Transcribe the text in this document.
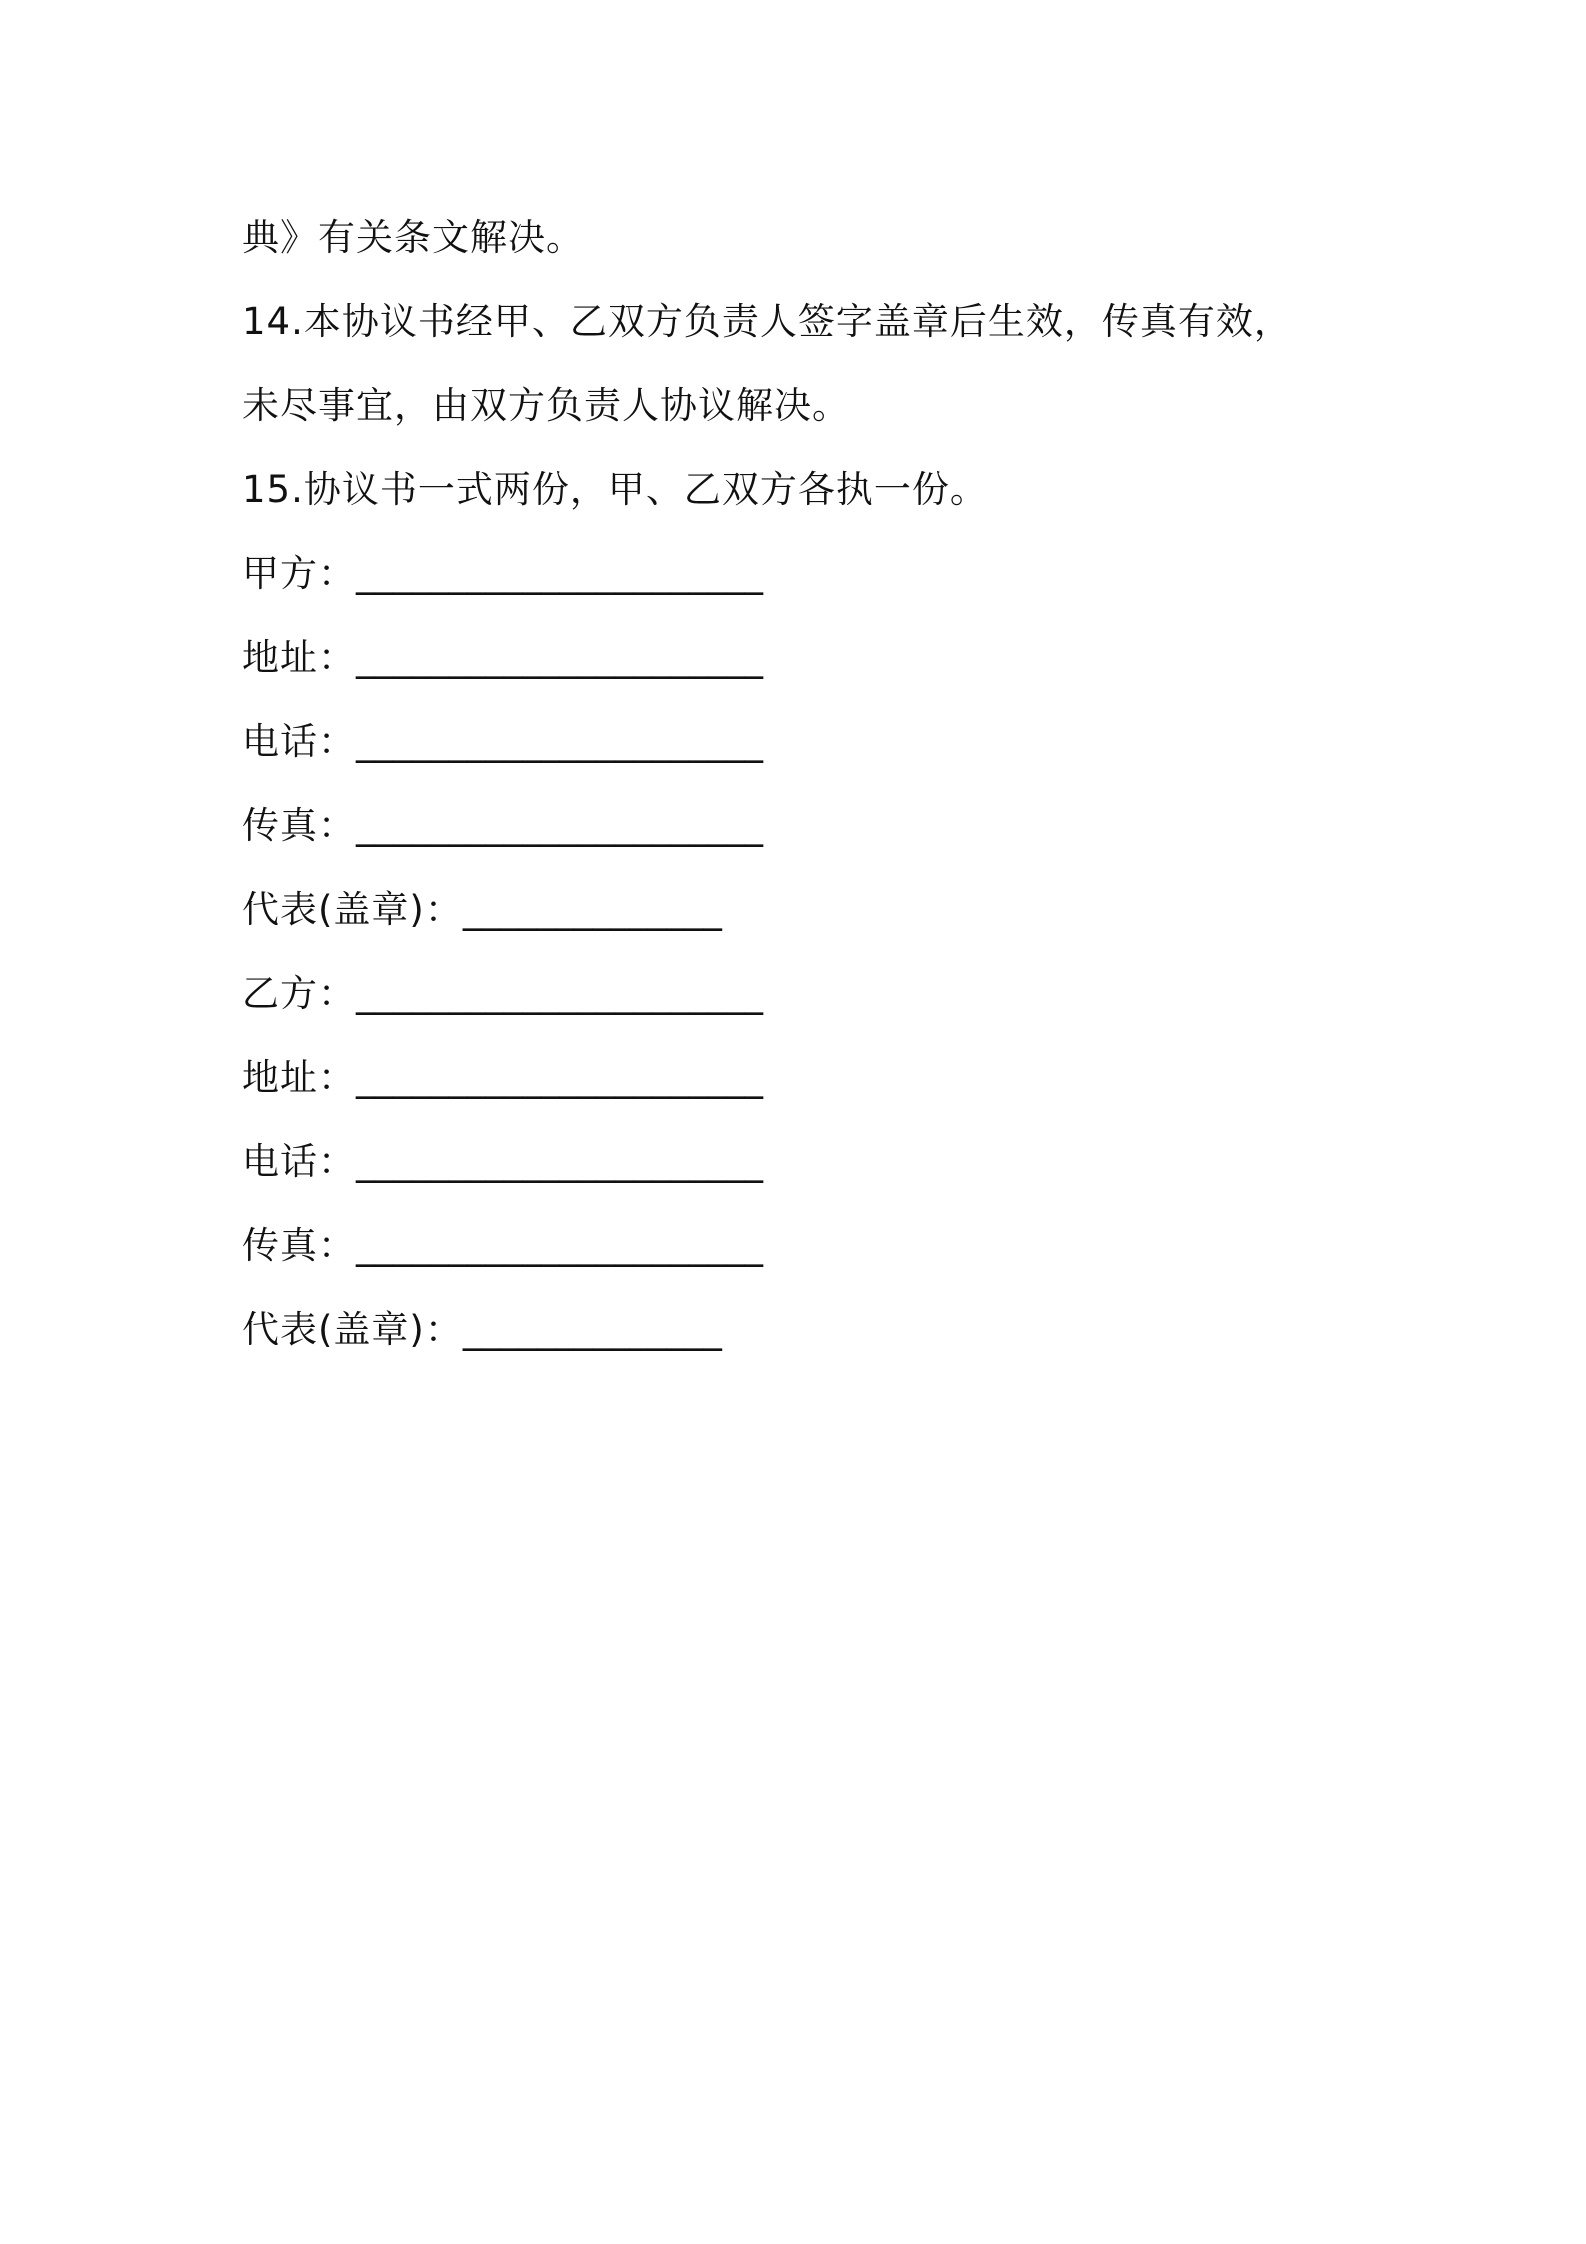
典》有关条文解决。
14.本协议书经甲、乙双方负责人签字盖章后生效，传真有效，
未尽事宜，由双方负责人协议解决。
15.协议书一式两份，甲、乙双方各执一份。
甲方： ______________________
地址： ______________________
电话： ______________________
传真： ______________________
代表(盖章)： ______________
乙方： ______________________
地址： ______________________
电话： ______________________
传真： ______________________
代表(盖章)： ______________
